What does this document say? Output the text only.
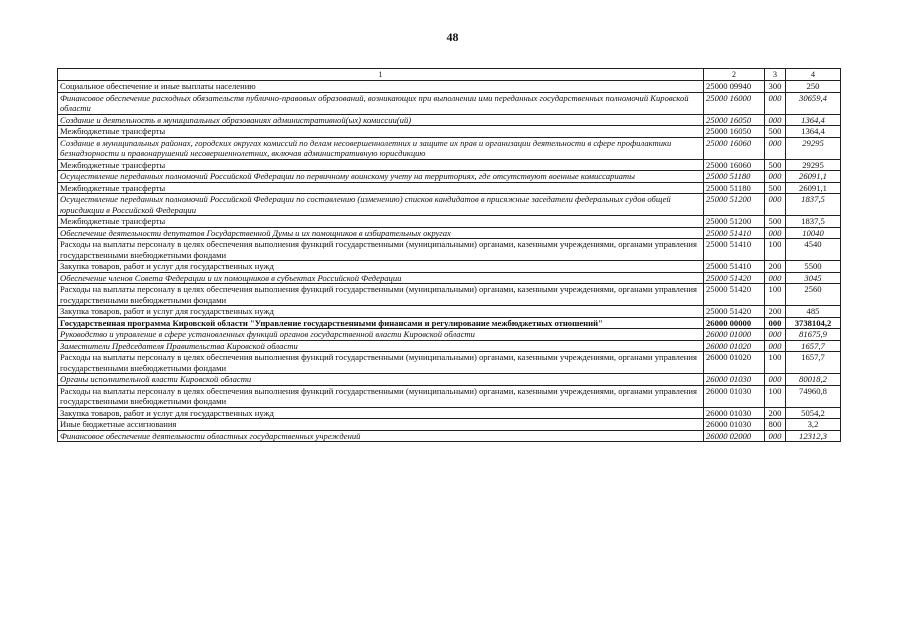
48
1	2	3	4
Социальное обеспечение и иные выплаты населению	25000 09940	300	250
Финансовое обеспечение расходных обязательств публично-правовых образований, возникающих при выполнении ими переданных государственных полномочий Кировской области	25000 16000	000	30659,4
Создание и деятельность в муниципальных образованиях административной(ых) комиссии(ий)	25000 16050	000	1364,4
Межбюджетные трансферты	25000 16050	500	1364,4
Создание в муниципальных районах, городских округах комиссий по делам несовершеннолетних и защите их прав и организации деятельности в сфере профилактики безнадзорности и правонарушений несовершеннолетних, включая административную юрисдикцию	25000 16060	000	29295
Межбюджетные трансферты	25000 16060	500	29295
Осуществление переданных полномочий Российской Федерации по первичному воинскому учету на территориях, где отсутствуют военные комиссариаты	25000 51180	000	26091,1
Межбюджетные трансферты	25000 51180	500	26091,1
Осуществление переданных полномочий Российской Федерации по составлению (изменению) списков кандидатов в присяжные заседатели федеральных судов общей юрисдикции в Российской Федерации	25000 51200	000	1837,5
Межбюджетные трансферты	25000 51200	500	1837,5
Обеспечение деятельности депутатов Государственной Думы и их помощников в избирательных округах	25000 51410	000	10040
Расходы на выплаты персоналу в целях обеспечения выполнения функций государственными (муниципальными) органами, казенными учреждениями, органами управления государственными внебюджетными фондами	25000 51410	100	4540
Закупка товаров, работ и услуг для государственных нужд	25000 51410	200	5500
Обеспечение членов Совета Федерации и их помощников в субъектах Российской Федерации	25000 51420	000	3045
Расходы на выплаты персоналу в целях обеспечения выполнения функций государственными (муниципальными) органами, казенными учреждениями, органами управления государственными внебюджетными фондами	25000 51420	100	2560
Закупка товаров, работ и услуг для государственных нужд	25000 51420	200	485
Государственная программа Кировской области "Управление государственными финансами и регулирование межбюджетных отношений"	26000 00000	000	3738104,2
Руководство и управление в сфере установленных функций органов государственной власти Кировской области	26000 01000	000	81675,9
Заместители Председателя Правительства Кировской области	26000 01020	000	1657,7
Расходы на выплаты персоналу в целях обеспечения выполнения функций государственными (муниципальными) органами, казенными учреждениями, органами управления государственными внебюджетными фондами	26000 01020	100	1657,7
Органы исполнительной власти Кировской области	26000 01030	000	80018,2
Расходы на выплаты персоналу в целях обеспечения выполнения функций государственными (муниципальными) органами, казенными учреждениями, органами управления государственными внебюджетными фондами	26000 01030	100	74960,8
Закупка товаров, работ и услуг для государственных нужд	26000 01030	200	5054,2
Иные бюджетные ассигнования	26000 01030	800	3,2
Финансовое обеспечение деятельности областных государственных учреждений	26000 02000	000	12312,3
